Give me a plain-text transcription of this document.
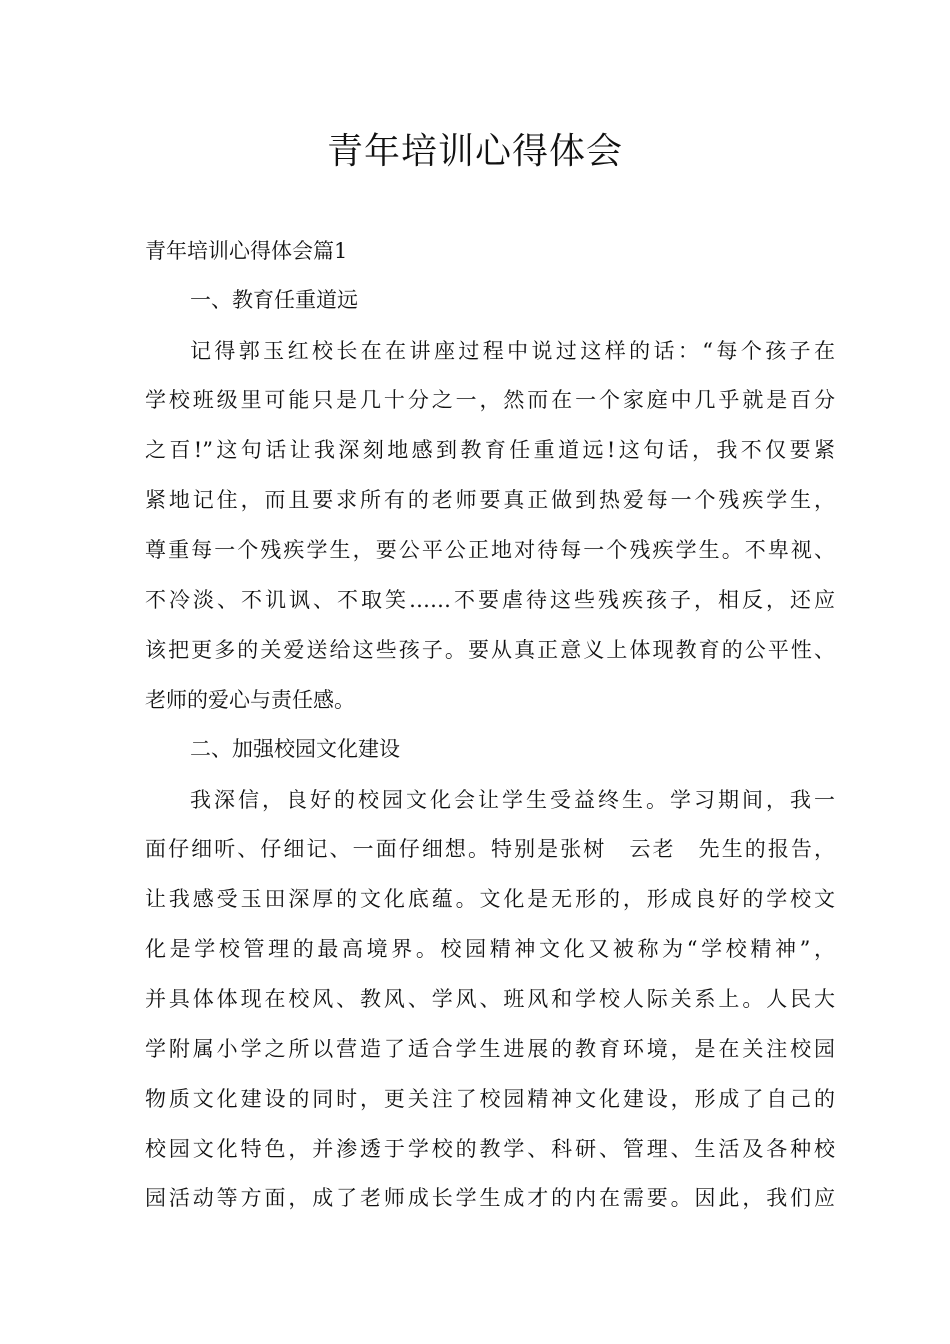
青年培训心得体会

青年培训心得体会篇1

一、教育任重道远

记得郭玉红校长在在讲座过程中说过这样的话：“每个孩子在

学校班级里可能只是几十分之一，然而在一个家庭中几乎就是百分

之百!”这句话让我深刻地感到教育任重道远!这句话，我不仅要紧

紧地记住，而且要求所有的老师要真正做到热爱每一个残疾学生，

尊重每一个残疾学生，要公平公正地对待每一个残疾学生。不卑视、

不冷淡、不讥讽、不取笑……不要虐待这些残疾孩子，相反，还应

该把更多的关爱送给这些孩子。要从真正意义上体现教育的公平性、

老师的爱心与责任感。

二、加强校园文化建设

我深信，良好的校园文化会让学生受益终生。学习期间，我一

面仔细听、仔细记、一面仔细想。特别是张树　云老　先生的报告，

让我感受玉田深厚的文化底蕴。文化是无形的，形成良好的学校文

化是学校管理的最高境界。校园精神文化又被称为“学校精神”，

并具体体现在校风、教风、学风、班风和学校人际关系上。人民大

学附属小学之所以营造了适合学生进展的教育环境，是在关注校园

物质文化建设的同时，更关注了校园精神文化建设，形成了自己的

校园文化特色，并渗透于学校的教学、科研、管理、生活及各种校

园活动等方面，成了老师成长学生成才的内在需要。因此，我们应
